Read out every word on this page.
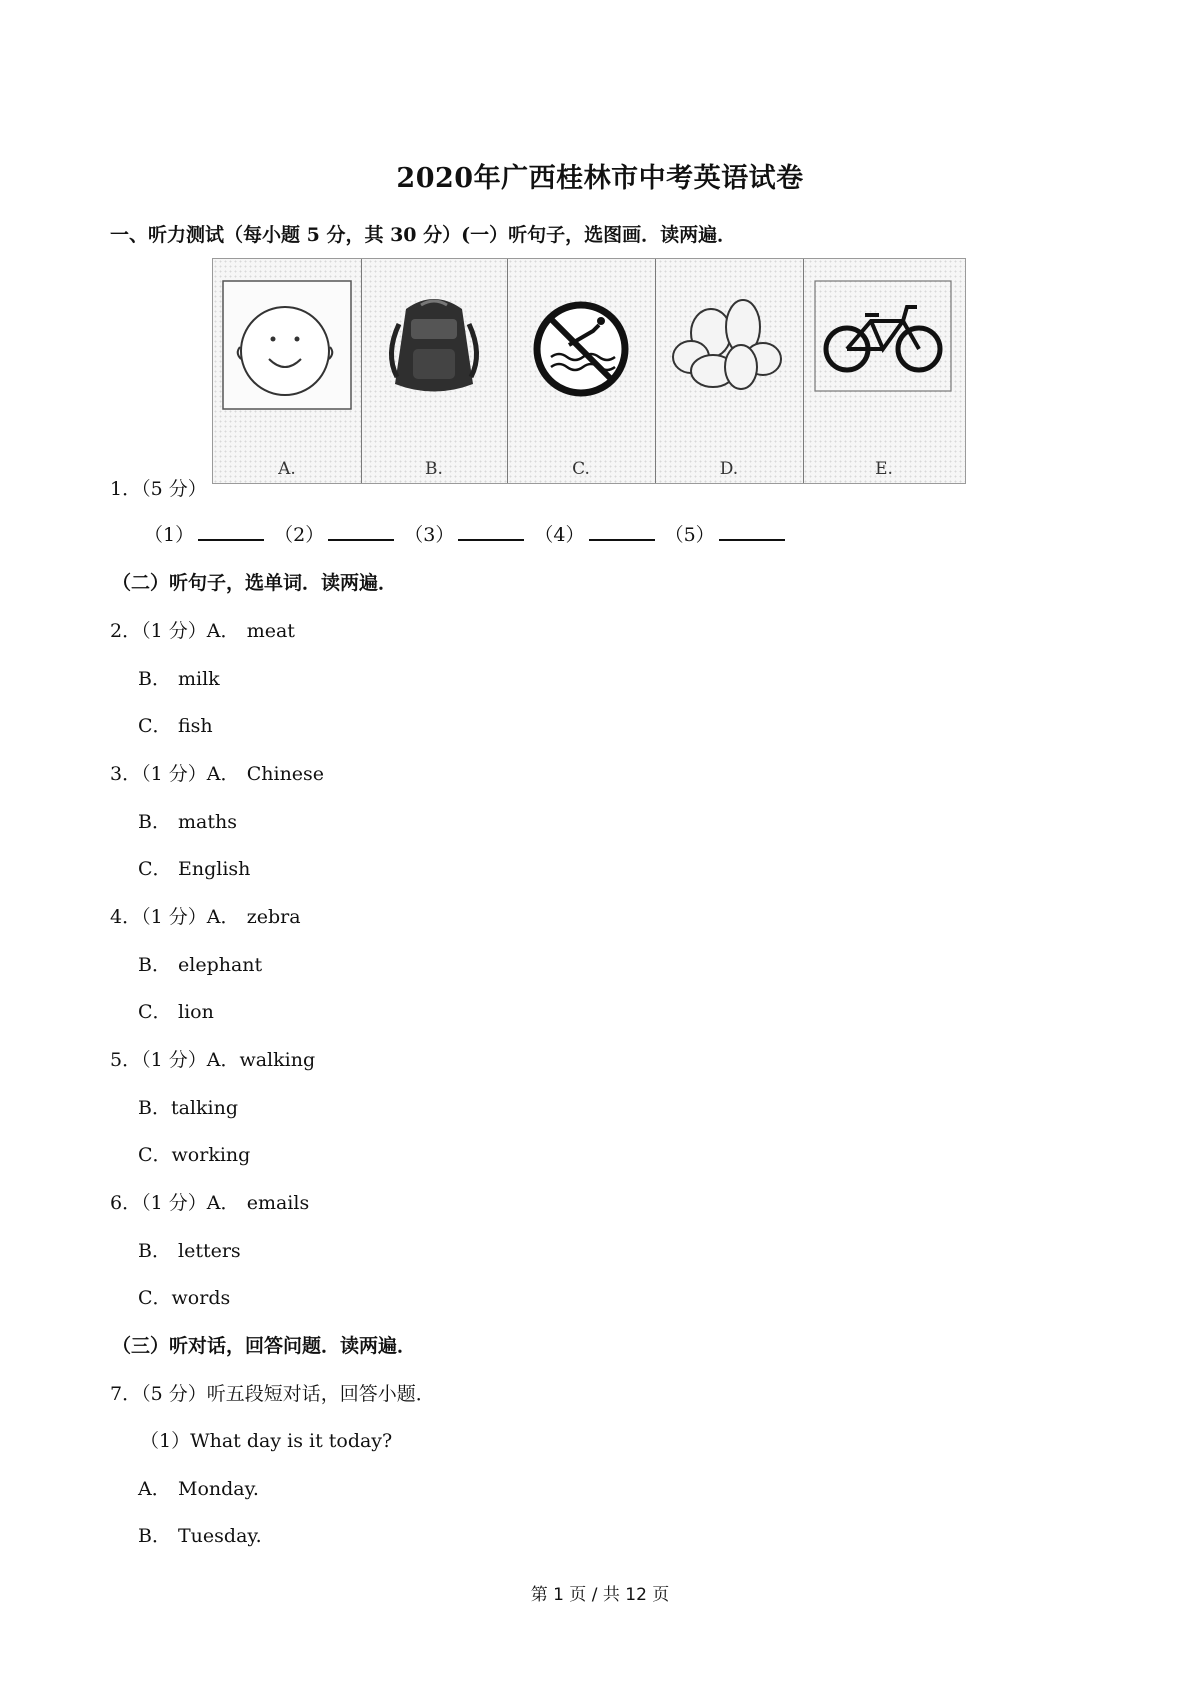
2020年广西桂林市中考英语试卷
一、听力测试（每小题 5 分，其 30 分）(一）听句子，选图画．读两遍．
A.	B.	C.	D.	E.
1．（5 分）
（1）	（2）	（3）	（4）	（5）
（二）听句子，选单词．读两遍．
2．（1 分）A． meat
B． milk
C． fish
3．（1 分）A． Chinese
B． maths
C． English
4．（1 分）A． zebra
B． elephant
C． lion
5．（1 分）A．walking
B．talking
C．working
6．（1 分）A． emails
B． letters
C．words
（三）听对话，回答问题．读两遍．
7．（5 分）听五段短对话，回答小题．
（1）What day is it today?
A． Monday.
B． Tuesday.
第 1 页 / 共 12 页
